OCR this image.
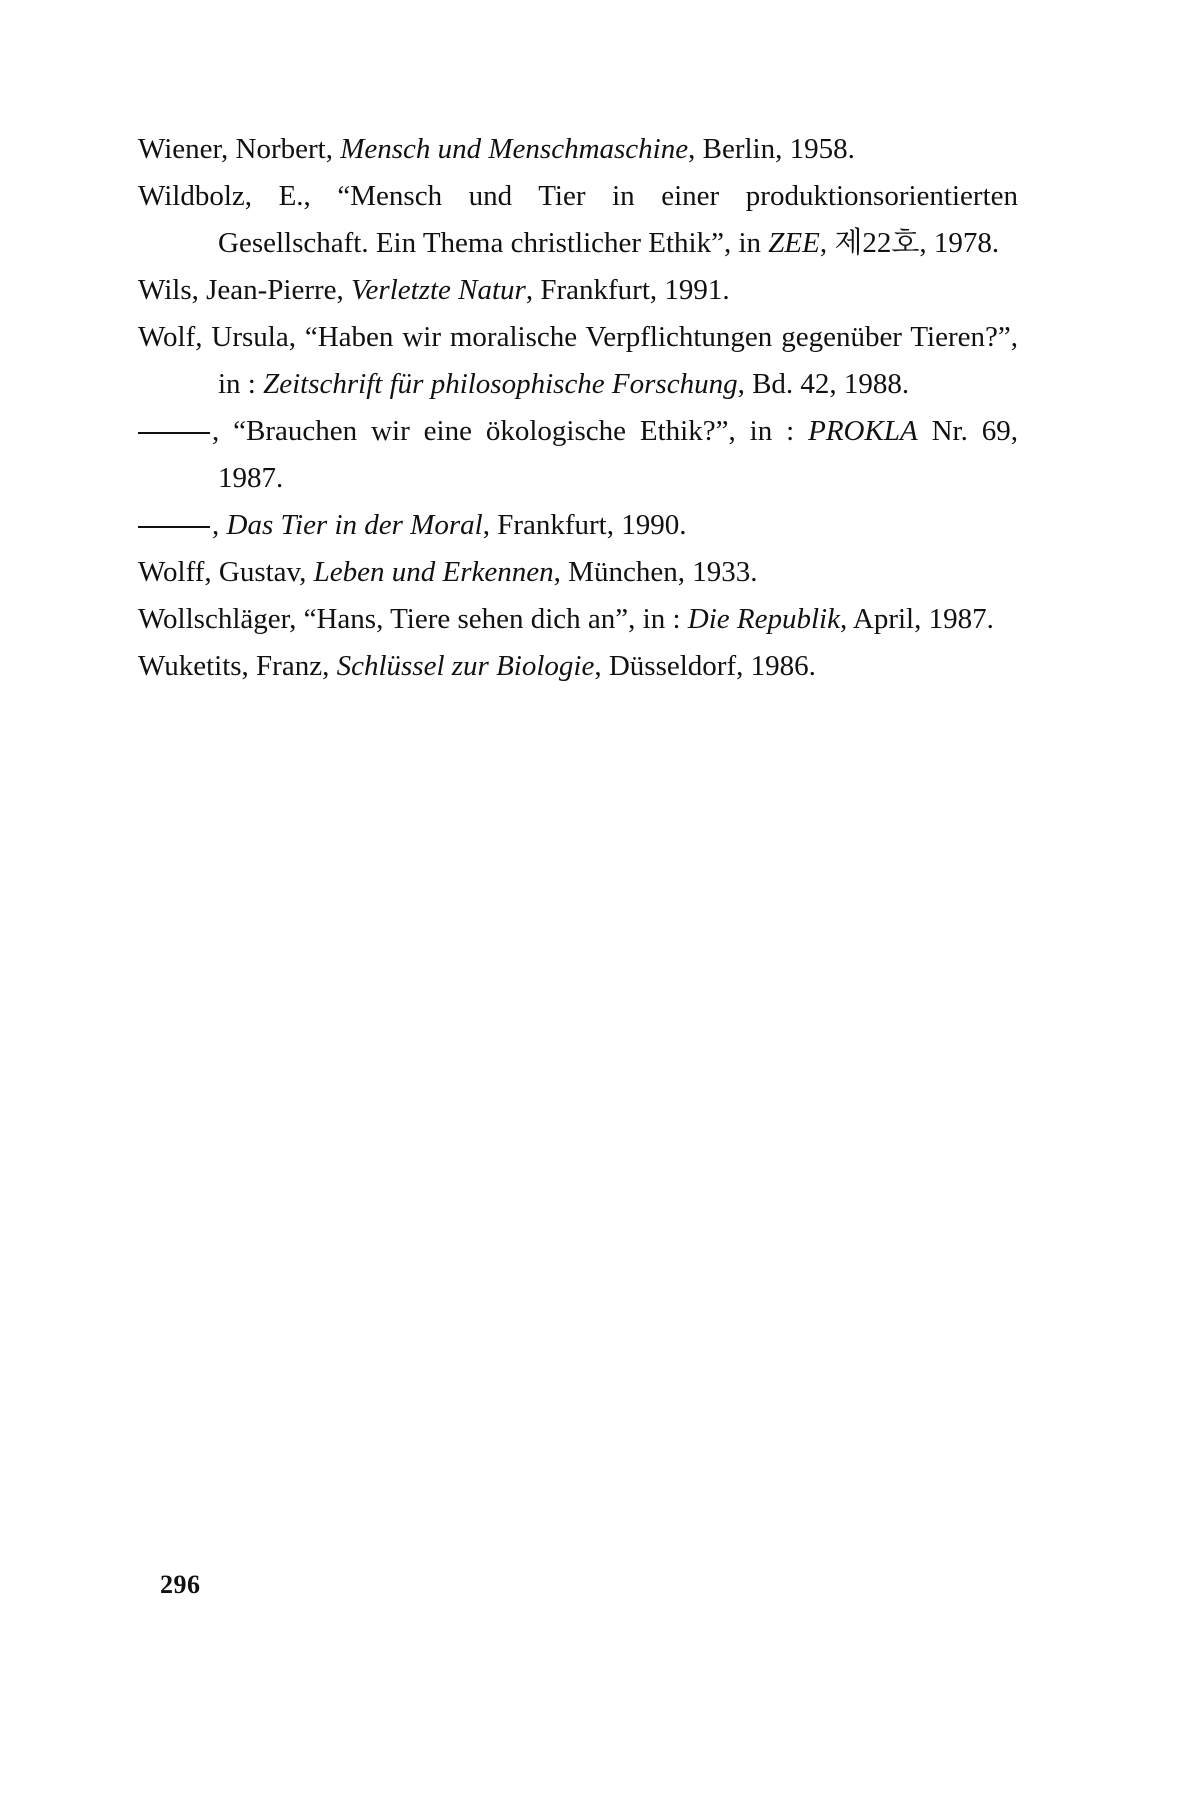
Wiener, Norbert, Mensch und Menschmaschine, Berlin, 1958.

Wildbolz, E., “Mensch und Tier in einer produktionsorientierten Gesellschaft. Ein Thema christlicher Ethik”, in ZEE, 제22호, 1978.

Wils, Jean-Pierre, Verletzte Natur, Frankfurt, 1991.

Wolf, Ursula, “Haben wir moralische Verpflichtungen gegenüber Tieren?”, in : Zeitschrift für philosophische Forschung, Bd. 42, 1988.

, “Brauchen wir eine ökologische Ethik?”, in : PROKLA Nr. 69, 1987.

, Das Tier in der Moral, Frankfurt, 1990.

Wolff, Gustav, Leben und Erkennen, München, 1933.

Wollschläger, “Hans, Tiere sehen dich an”, in : Die Republik, April, 1987.

Wuketits, Franz, Schlüssel zur Biologie, Düsseldorf, 1986.

296
